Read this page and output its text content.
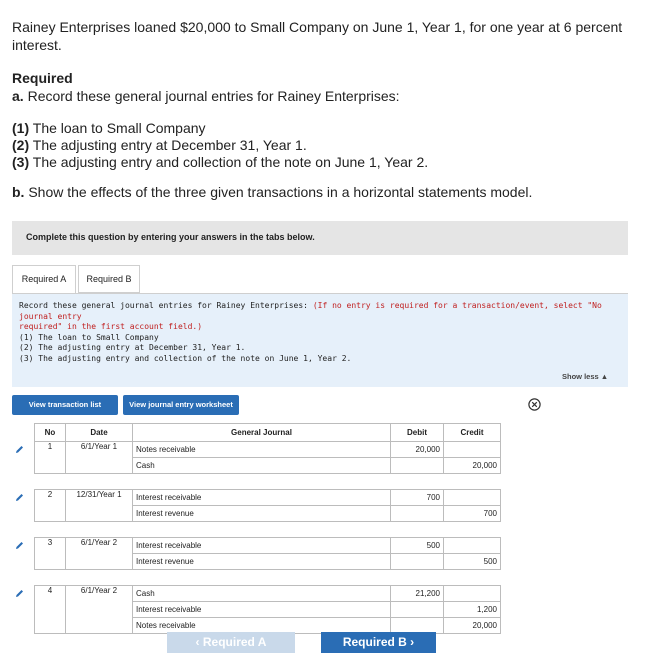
Rainey Enterprises loaned $20,000 to Small Company on June 1, Year 1, for one year at 6 percent interest.
Required
a. Record these general journal entries for Rainey Enterprises:
(1) The loan to Small Company
(2) The adjusting entry at December 31, Year 1.
(3) The adjusting entry and collection of the note on June 1, Year 2.
b. Show the effects of the three given transactions in a horizontal statements model.
Complete this question by entering your answers in the tabs below.
Required A	Required B
Record these general journal entries for Rainey Enterprises: (If no entry is required for a transaction/event, select "No journal entry
required" in the first account field.)
(1) The loan to Small Company
(2) The adjusting entry at December 31, Year 1.
(3) The adjusting entry and collection of the note on June 1, Year 2.
Show less ▲
View transaction list	View journal entry worksheet
	No	Date	General Journal	Debit	Credit
	1	6/1/Year 1	Notes receivable	20,000	
			Cash		20,000

	2	12/31/Year 1	Interest receivable	700	
			Interest revenue		700

	3	6/1/Year 2	Interest receivable	500	
			Interest revenue		500

	4	6/1/Year 2	Cash	21,200	
			Interest receivable		1,200
			Notes receivable		20,000
‹ Required A	Required B ›
